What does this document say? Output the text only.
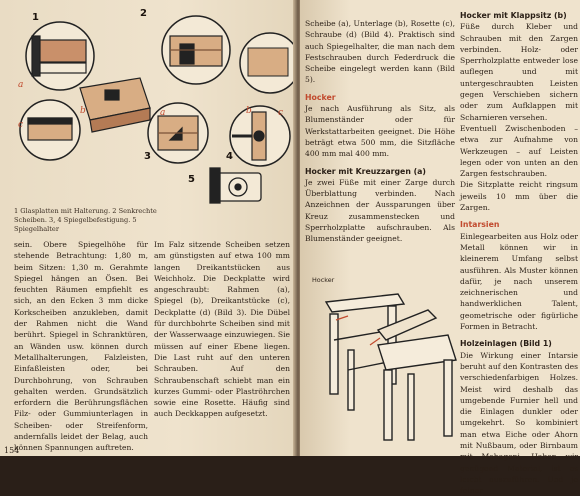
1	2
3	4
5
a
c
b	a	b	c
1 Glasplatten mit Halterung. 2 Senkrechte Scheiben. 3, 4 Spiegelbefestigung. 5 Spiegelhalter

sein. Obere Spiegelhöhe für stehende Betrachtung: 1,80 m, beim Sitzen: 1,30 m. Gerahmte Spiegel hängen an Ösen. Bei feuchten Räumen empfiehlt es sich, an den Ecken 3 mm dicke Korkscheiben anzukleben, damit der Rahmen nicht die Wand berührt. Spiegel in Schranktüren, an Wänden usw. können durch Metallhalterungen, Falzleisten, Einfaßleisten oder, bei Durchbohrung, von Schrauben gehalten werden. Grundsätzlich erfordern die Berührungsflächen Filz- oder Gummiunterlagen in Scheiben- oder Streifenform, andernfalls leidet der Belag, auch können Spannungen auftreten.

Im Falz sitzende Scheiben setzen am günstigsten auf etwa 100 mm langen Dreikantstücken aus Weichholz. Die Deckplatte wird angeschraubt: Rahmen (a), Spiegel (b), Dreikantstücke (c), Deckplatte (d) (Bild 3). Die Dübel für durchbohrte Scheiben sind mit der Wasserwaage einzuwiegen. Sie müssen auf einer Ebene liegen. Die Last ruht auf den unteren Schrauben. Auf den Schraubenschaft schiebt man ein kurzes Gummi- oder Plaströhrchen sowie eine Rosette. Häufig sind auch Deckkappen aufgesetzt.

154

Scheibe (a), Unterlage (b), Rosette (c), Schraube (d) (Bild 4). Praktisch sind auch Spiegelhalter, die man nach dem Festschrauben durch Federdruck die Scheibe eingelegt werden kann (Bild 5).

Hocker

Je nach Ausführung als Sitz, als Blumenständer oder für Werkstattarbeiten geeignet. Die Höhe beträgt etwa 500 mm, die Sitzfläche 400 mm mal 400 mm.

Hocker mit Kreuzzargen (a)

Je zwei Füße mit einer Zarge durch Überblattung verbinden. Nach Anzeichnen der Aussparungen über Kreuz zusammenstecken und Sperrholzplatte aufschrauben. Als Blumenständer geeignet.

Hocker

Hocker mit Klappsitz (b)

Füße durch Kleber und Schrauben mit den Zargen verbinden. Holz- oder Sperrholzplatte entweder lose auflegen und mit untergeschraubten Leisten gegen Verschieben sichern oder zum Aufklappen mit Scharnieren versehen.

Eventuell Zwischenboden – etwa zur Aufnahme von Werkzeugen – auf Leisten legen oder von unten an den Zargen festschrauben.

Die Sitzplatte reicht ringsum jeweils 10 mm über die Zargen.

Intarsien

Einlegearbeiten aus Holz oder Metall können wir in kleinerem Umfang selbst ausführen. Als Muster können dafür, je nach unserem zeichnerischen und handwerklichen Talent, geometrische oder figürliche Formen in Betracht.

Holzeinlagen (Bild 1)

Die Wirkung einer Intarsie beruht auf den Kontrasten des verschiedenfarbigen Holzes. Meist wird deshalb das umgebende Furnier hell und die Einlagen dunkler oder umgekehrt. So kombiniert man etwa Eiche oder Ahorn mit Nußbaum, oder Birnbaum mit Mahagoni. Haben wir genügend Material, ist es leicht auszuführen. Und je feiner
